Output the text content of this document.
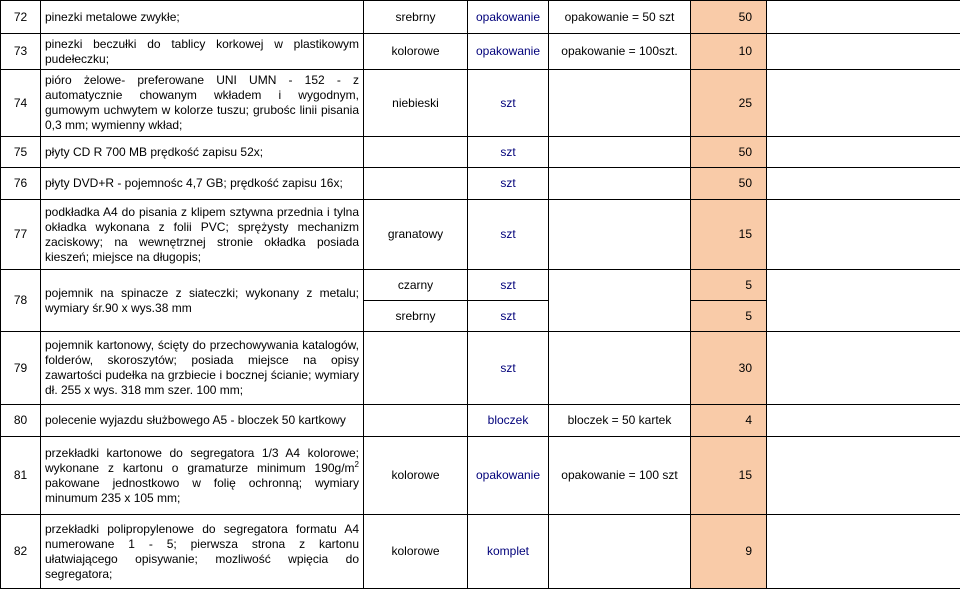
72	pinezki metalowe zwykłe;	srebrny	opakowanie	opakowanie = 50 szt	50	
73	pinezki beczułki do tablicy korkowej w plastikowym pudełeczku;	kolorowe	opakowanie	opakowanie = 100szt.	10	
74	pióro żelowe- preferowane UNI UMN - 152 - z automatycznie chowanym wkładem i wygodnym, gumowym uchwytem w kolorze tuszu; grubośc linii pisania 0,3 mm; wymienny wkład;	niebieski	szt		25	
75	płyty CD R 700 MB prędkość zapisu 52x;		szt		50	
76	płyty DVD+R - pojemnośc 4,7 GB; prędkość zapisu 16x;		szt		50	
77	podkładka A4 do pisania z klipem sztywna przednia i tylna okładka wykonana z folii PVC; sprężysty mechanizm zaciskowy; na wewnętrznej stronie okładka posiada kieszeń; miejsce na długopis;	granatowy	szt		15	
78	pojemnik na spinacze z siateczki; wykonany z metalu; wymiary śr.90 x wys.38 mm	czarny	szt		5	
		srebrny	szt		5	
79	pojemnik kartonowy, ścięty do przechowywania katalogów, folderów, skoroszytów; posiada miejsce na opisy zawartości pudełka na grzbiecie i bocznej ścianie; wymiary dł. 255 x wys. 318 mm szer. 100 mm;		szt		30	
80	polecenie wyjazdu służbowego A5 - bloczek 50 kartkowy		bloczek	bloczek = 50 kartek	4	
81	przekładki kartonowe do segregatora 1/3 A4 kolorowe; wykonane z kartonu o gramaturze minimum $190g/m^2$ pakowane jednostkowo w folię ochronną; wymiary minumum 235 x 105 mm;	kolorowe	opakowanie	opakowanie = 100 szt	15	
82	przekładki polipropylenowe do segregatora formatu A4 numerowane 1 - 5; pierwsza strona z kartonu ułatwiającego opisywanie; mozliwość wpięcia do segregatora;	kolorowe	komplet		9	
